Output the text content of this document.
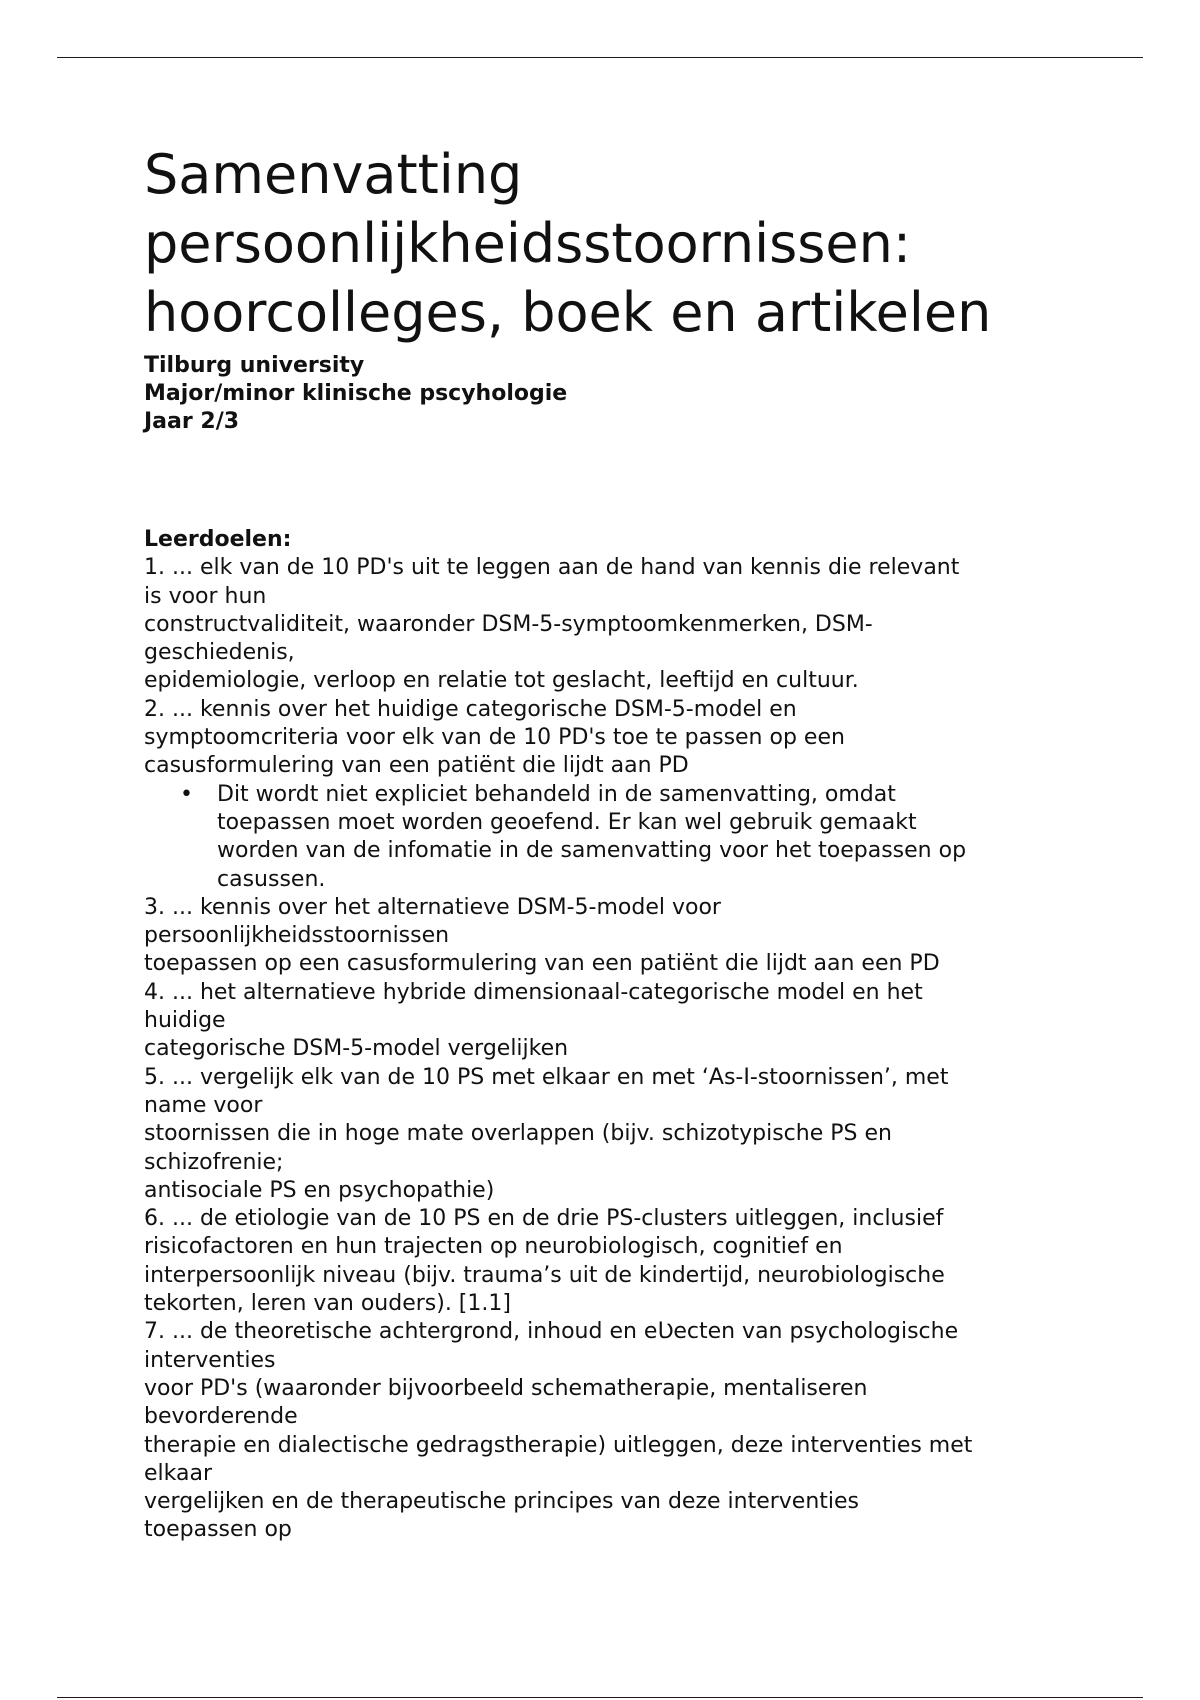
Samenvatting
persoonlijkheidsstoornissen:
hoorcolleges, boek en artikelen
Tilburg university
Major/minor klinische pscyhologie
Jaar 2/3
Leerdoelen:
1. ... elk van de 10 PD's uit te leggen aan de hand van kennis die relevant
is voor hun
constructvaliditeit, waaronder DSM-5-symptoomkenmerken, DSM-
geschiedenis,
epidemiologie, verloop en relatie tot geslacht, leeftijd en cultuur.
2. ... kennis over het huidige categorische DSM-5-model en
symptoomcriteria voor elk van de 10 PD's toe te passen op een
casusformulering van een patiënt die lijdt aan PD
• Dit wordt niet expliciet behandeld in de samenvatting, omdat
toepassen moet worden geoefend. Er kan wel gebruik gemaakt
worden van de infomatie in de samenvatting voor het toepassen op
casussen.
3. ... kennis over het alternatieve DSM-5-model voor
persoonlijkheidsstoornissen
toepassen op een casusformulering van een patiënt die lijdt aan een PD
4. ... het alternatieve hybride dimensionaal-categorische model en het
huidige
categorische DSM-5-model vergelijken
5. ... vergelijk elk van de 10 PS met elkaar en met ‘As-I-stoornissen’, met
name voor
stoornissen die in hoge mate overlappen (bijv. schizotypische PS en
schizofrenie;
antisociale PS en psychopathie)
6. ... de etiologie van de 10 PS en de drie PS-clusters uitleggen, inclusief
risicofactoren en hun trajecten op neurobiologisch, cognitief en
interpersoonlijk niveau (bijv. trauma’s uit de kindertijd, neurobiologische
tekorten, leren van ouders). [1.1]
7. ... de theoretische achtergrond, inhoud en eƲecten van psychologische
interventies
voor PD's (waaronder bijvoorbeeld schematherapie, mentaliseren
bevorderende
therapie en dialectische gedragstherapie) uitleggen, deze interventies met
elkaar
vergelijken en de therapeutische principes van deze interventies
toepassen op
